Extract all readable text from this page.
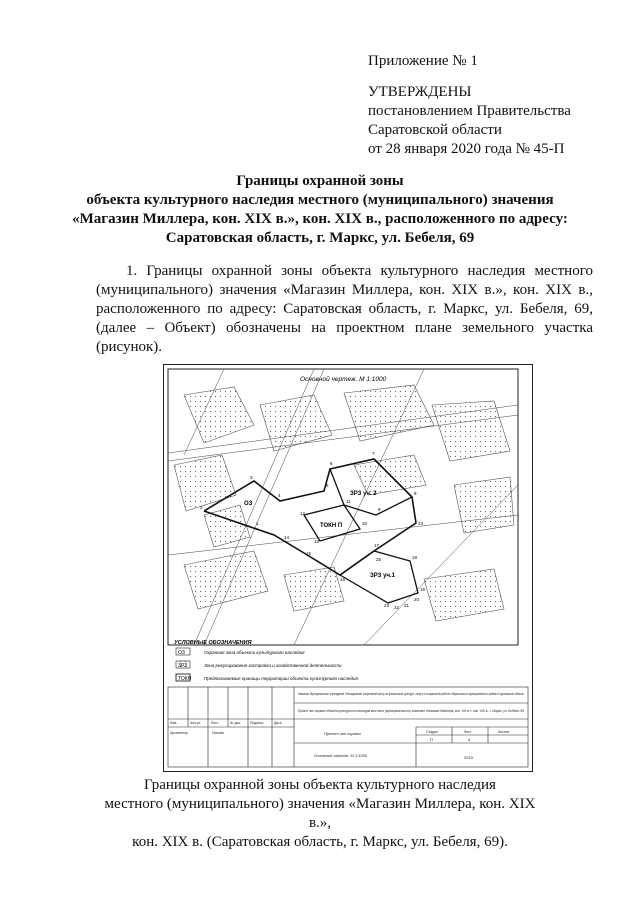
Приложение № 1
УТВЕРЖДЕНЫ
постановлением Правительства
Саратовской области
от 28 января 2020 года № 45-П
Границы охранной зоны
объекта культурного наследия местного (муниципального) значения
«Магазин Миллера, кон. XIX в.», кон. XIX в., расположенного по адресу:
Саратовская область, г. Маркс, ул. Бебеля, 69
1. Границы охранной зоны объекта культурного наследия местного (муниципального) значения «Магазин Миллера, кон. XIX в.», кон. XIX в., расположенного по адресу: Саратовская область, г. Маркс, ул. Бебеля, 69, (далее – Объект) обозначены на проектном плане земельного участка (рисунок).
Основной чертеж. М 1:1000
ОЗ
ЗРЗ уч. 2
ТОКН П
ЗРЗ уч.1
1
2
3
4
5
6
7
8
9
10
11
12
13
14
15
16
17
18
19
20
21
22
23
24
25
УСЛОВНЫЕ ОБОЗНАЧЕНИЯ
ОЗ	Охранная зона объекта культурного наследия
ЗРЗ	Зона регулирования застройки и хозяйственной деятельности
ТОКН	Предполагаемые границы территории объекта культурного наследия
Заказчик: Муниципальное учреждение «Молодежный спортивный центр по физической культуре, спорту и социальной работе» Марксовского муниципального района Саратовской области
Проект зон охраны объекта культурного наследия местного (муниципального) значения «Магазин Миллера, кон. XIX в.», кон. XIX в., г. Маркс, ул. Бебеля, 69
Изм.	Кол.уч.	Лист	№ док.	Подпись	Дата
Архитектор	Попова	Проект зон охраны	Стадия	Лист	Листов
П	4
Основной чертеж. М 1:1000	2019
Границы охранной зоны объекта культурного наследия
местного (муниципального) значения «Магазин Миллера, кон. XIX в.»,
кон. XIX в. (Саратовская область, г. Маркс, ул. Бебеля, 69).
